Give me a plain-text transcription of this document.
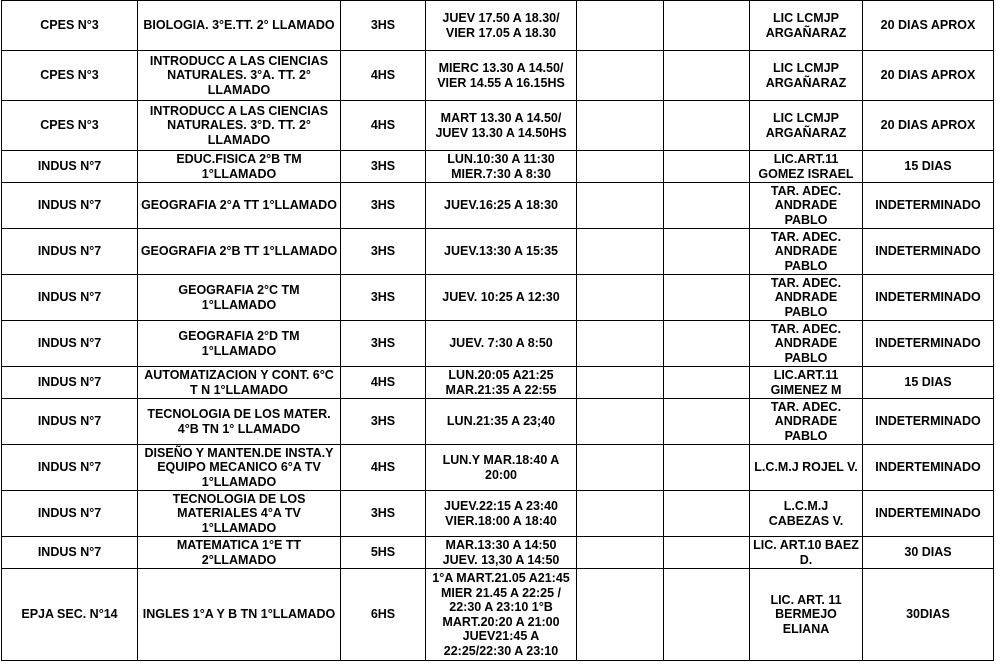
CPES N°3	BIOLOGIA. 3°E.TT. 2° LLAMADO	3HS	JUEV 17.50 A 18.30/ VIER 17.05 A 18.30			LIC LCMJP ARGAÑARAZ	20 DIAS APROX
CPES N°3	INTRODUCC A LAS CIENCIAS NATURALES. 3°A. TT. 2° LLAMADO	4HS	MIERC 13.30 A 14.50/ VIER 14.55 A 16.15HS			LIC LCMJP ARGAÑARAZ	20 DIAS APROX
CPES N°3	INTRODUCC A LAS CIENCIAS NATURALES. 3°D. TT. 2° LLAMADO	4HS	MART 13.30 A 14.50/ JUEV 13.30 A 14.50HS			LIC LCMJP ARGAÑARAZ	20 DIAS APROX
INDUS N°7	EDUC.FISICA 2°B TM 1°LLAMADO	3HS	LUN.10:30 A 11:30 MIER.7:30 A 8:30			LIC.ART.11 GOMEZ ISRAEL	15 DIAS
INDUS N°7	GEOGRAFIA 2°A TT 1°LLAMADO	3HS	JUEV.16:25 A 18:30			TAR. ADEC. ANDRADE PABLO	INDETERMINADO
INDUS N°7	GEOGRAFIA 2°B TT 1°LLAMADO	3HS	JUEV.13:30 A 15:35			TAR. ADEC. ANDRADE PABLO	INDETERMINADO
INDUS N°7	GEOGRAFIA 2°C TM 1°LLAMADO	3HS	JUEV. 10:25 A 12:30			TAR. ADEC. ANDRADE PABLO	INDETERMINADO
INDUS N°7	GEOGRAFIA 2°D TM 1°LLAMADO	3HS	JUEV. 7:30 A 8:50			TAR. ADEC. ANDRADE PABLO	INDETERMINADO
INDUS N°7	AUTOMATIZACION Y CONT. 6°C T N 1°LLAMADO	4HS	LUN.20:05 A21:25 MAR.21:35 A 22:55			LIC.ART.11 GIMENEZ M	15 DIAS
INDUS N°7	TECNOLOGIA DE LOS MATER. 4°B TN 1° LLAMADO	3HS	LUN.21:35 A 23;40			TAR. ADEC. ANDRADE PABLO	INDETERMINADO
INDUS N°7	DISEÑO Y MANTEN.DE INSTA.Y EQUIPO MECANICO 6°A TV 1°LLAMADO	4HS	LUN.Y MAR.18:40 A 20:00			L.C.M.J ROJEL V.	INDERTEMINADO
INDUS N°7	TECNOLOGIA DE LOS MATERIALES 4°A TV 1°LLAMADO	3HS	JUEV.22:15 A 23:40 VIER.18:00 A 18:40			L.C.M.J CABEZAS V.	INDERTEMINADO
INDUS N°7	MATEMATICA 1°E TT 2°LLAMADO	5HS	MAR.13:30 A 14:50 JUEV. 13,30 A 14:50			LIC. ART.10 BAEZ D.	30 DIAS
EPJA SEC. N°14	INGLES 1°A Y B TN 1°LLAMADO	6HS	1°A MART.21.05 A21:45 MIER 21.45 A 22:25 / 22:30 A 23:10 1°B MART.20:20 A 21:00 JUEV21:45 A 22:25/22:30 A 23:10			LIC. ART. 11 BERMEJO ELIANA	30DIAS
